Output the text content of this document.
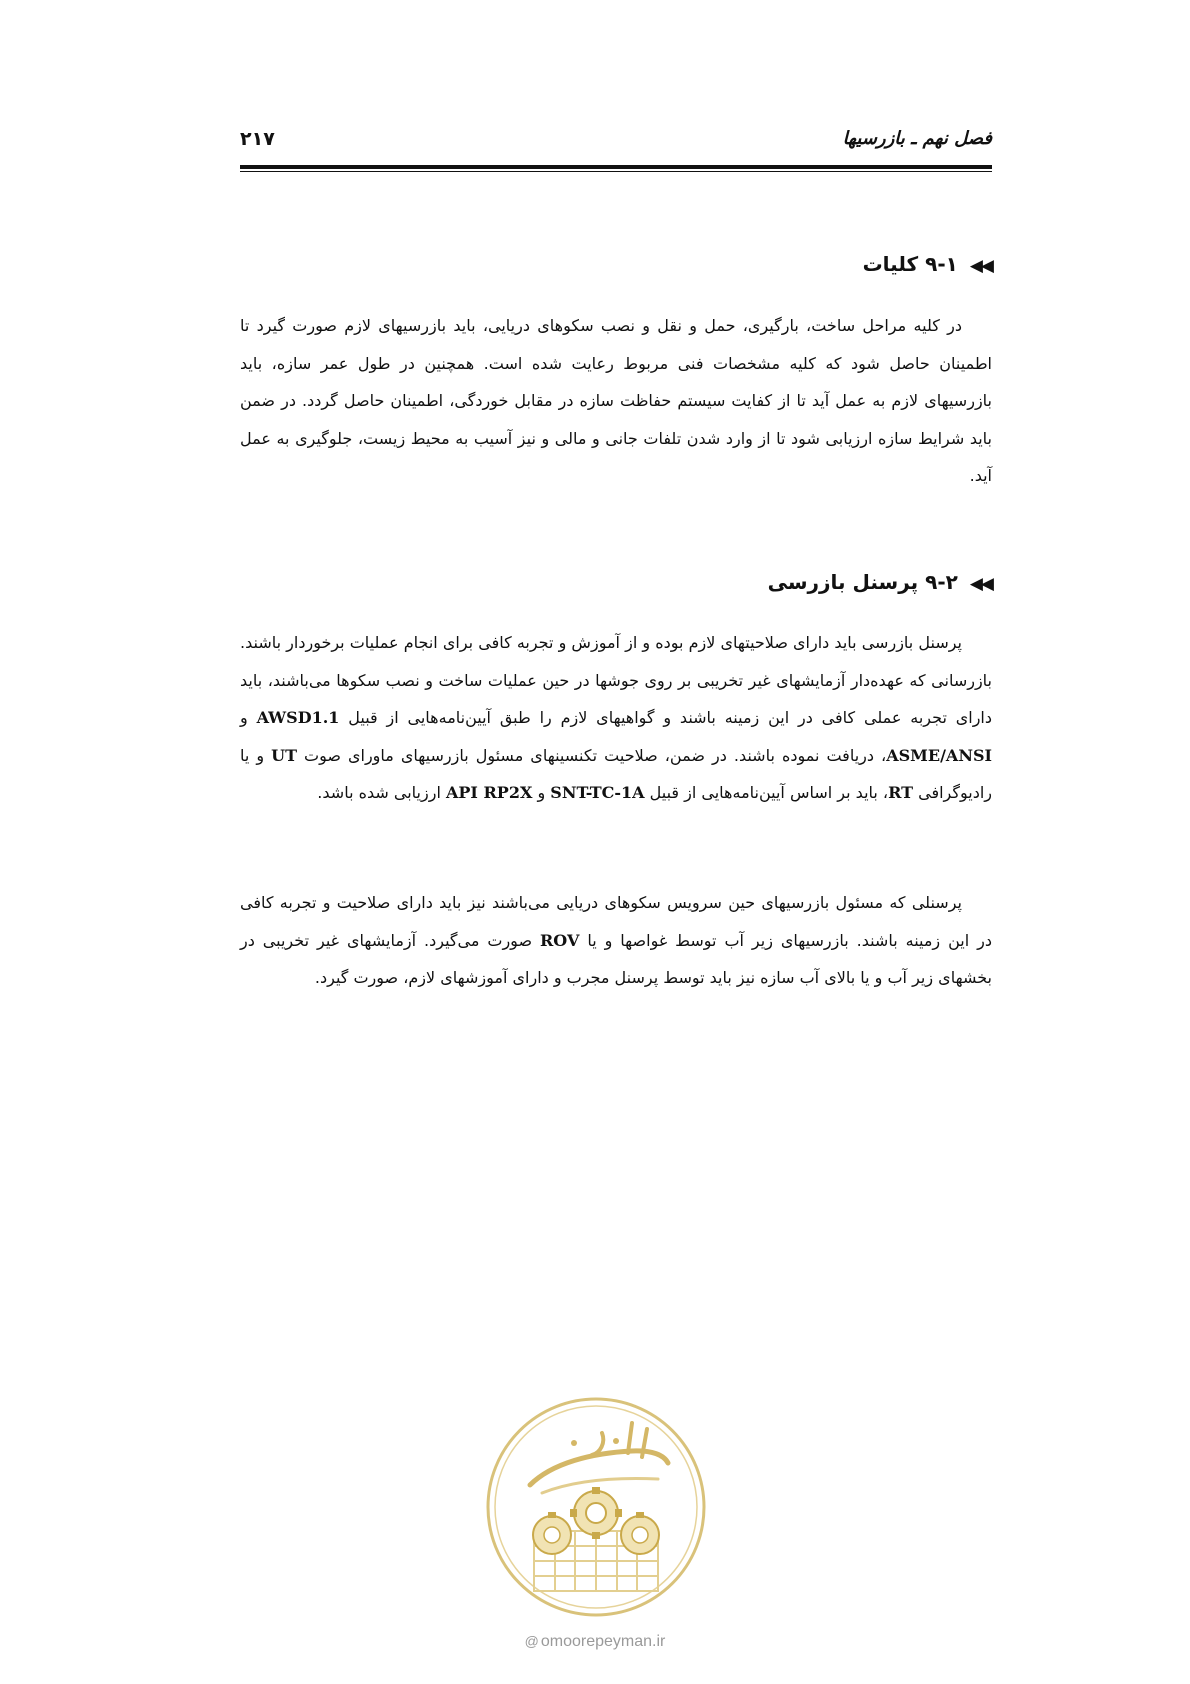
۲۱۷	فصل نهم ـ بازرسیها
◀◀۹-۱ کلیات

در کلیه مراحل ساخت، بارگیری، حمل و نقل و نصب سکوهای دریایی، باید بازرسیهای لازم صورت گیرد تا اطمینان حاصل شود که کلیه مشخصات فنی مربوط رعایت شده است. همچنین در طول عمر سازه، باید بازرسیهای لازم به عمل آید تا از کفایت سیستم حفاظت سازه در مقابل خوردگی، اطمینان حاصل گردد. در ضمن باید شرایط سازه ارزیابی شود تا از وارد شدن تلفات جانی و مالی و نیز آسیب به محیط زیست، جلوگیری به عمل آید.

◀◀۹-۲ پرسنل بازرسی

پرسنل بازرسی باید دارای صلاحیتهای لازم بوده و از آموزش و تجربه کافی برای انجام عملیات برخوردار باشند. بازرسانی که عهده‌دار آزمایشهای غیر تخریبی بر روی جوشها در حین عملیات ساخت و نصب سکوها می‌باشند، باید دارای تجربه عملی کافی در این زمینه باشند و گواهیهای لازم را طبق آیین‌نامه‌هایی از قبیل AWSD1.1 و ASME/ANSI، دریافت نموده باشند. در ضمن، صلاحیت تکنسینهای مسئول بازرسیهای ماورای صوت UT و یا رادیوگرافی RT، باید بر اساس آیین‌نامه‌هایی از قبیل SNT-TC-1A و API RP2X ارزیابی شده باشد.

پرسنلی که مسئول بازرسیهای حین سرویس سکوهای دریایی می‌باشند نیز باید دارای صلاحیت و تجربه کافی در این زمینه باشند. بازرسیهای زیر آب توسط غواصها و یا ROV صورت می‌گیرد. آزمایشهای غیر تخریبی در بخشهای زیر آب و یا بالای آب سازه نیز باید توسط پرسنل مجرب و دارای آموزشهای لازم، صورت گیرد.

@ omoorepeyman.ir
